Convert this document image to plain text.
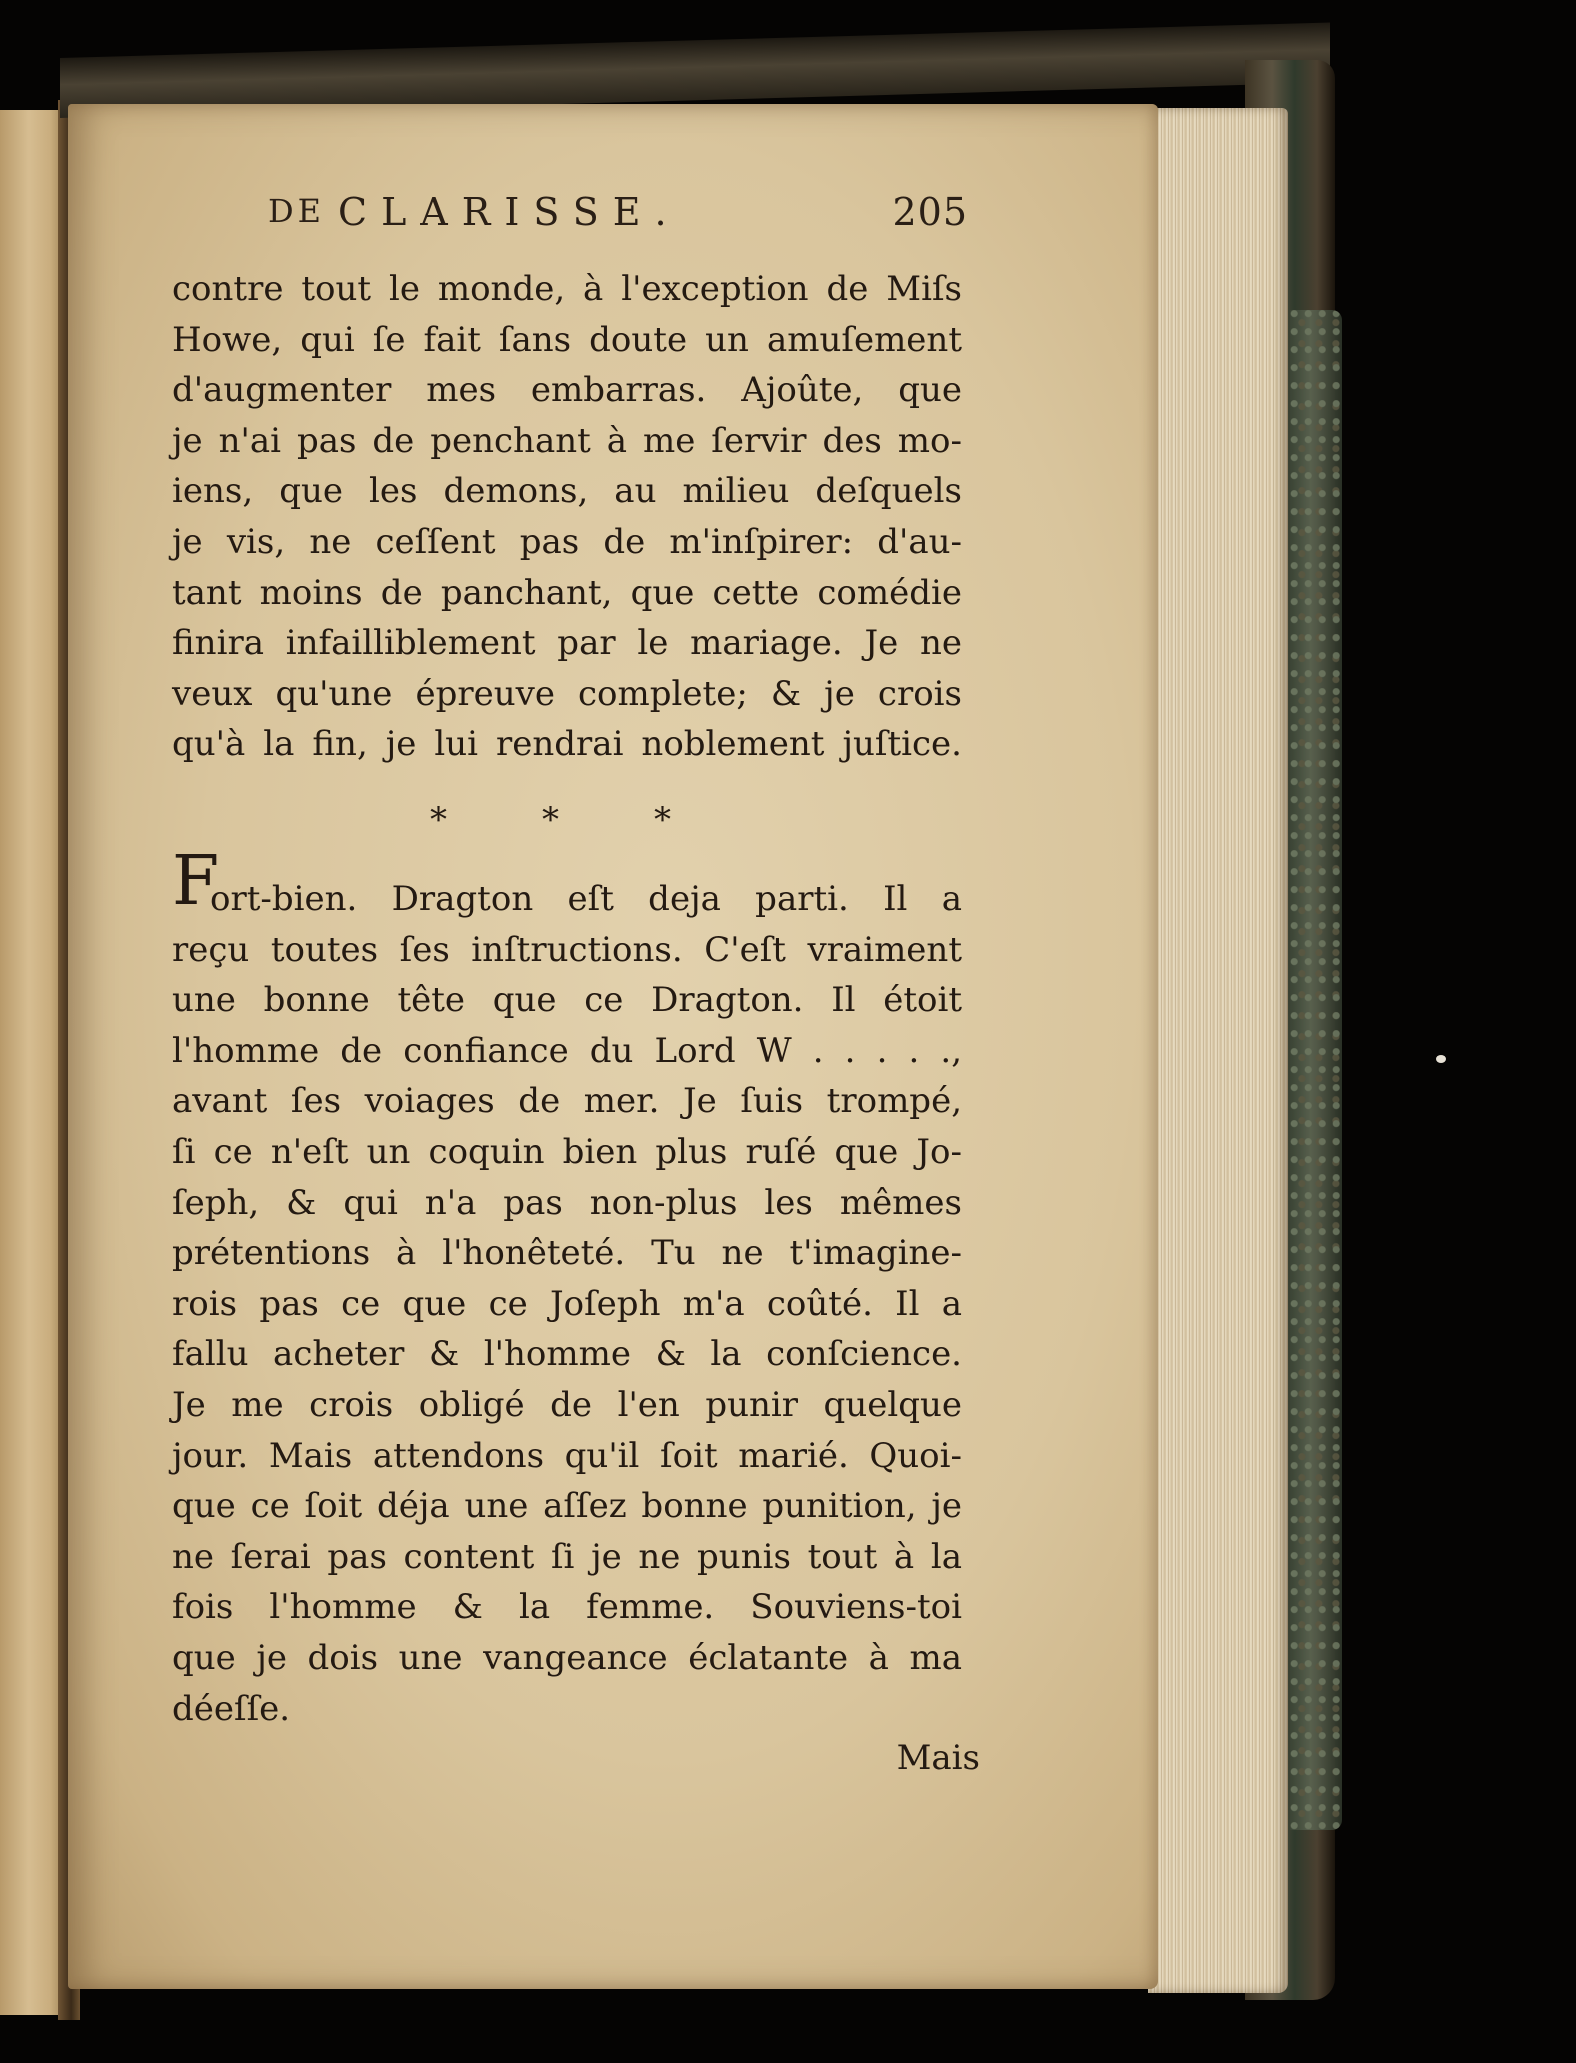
DE CLARISSE.	205
contre tout le monde, à l'exception de Miſs
Howe, qui ſe fait ſans doute un amuſement
d'augmenter mes embarras. Ajoûte, que
je n'ai pas de penchant à me ſervir des mo-
iens, que les demons, au milieu deſquels
je vis, ne ceſſent pas de m'inſpirer: d'au-
tant moins de panchant, que cette comédie
finira infailliblement par le mariage. Je ne
veux qu'une épreuve complete; & je crois
qu'à la fin, je lui rendrai noblement juſtice.
*	*	*
F
ort-bien. Dragton eſt deja parti. Il a
reçu toutes ſes inſtructions. C'eſt vraiment
une bonne tête que ce Dragton. Il étoit
l'homme de confiance du Lord W . . . . .,
avant ſes voiages de mer. Je ſuis trompé,
ſi ce n'eſt un coquin bien plus ruſé que Jo-
ſeph, & qui n'a pas non-plus les mêmes
prétentions à l'honêteté. Tu ne t'imagine-
rois pas ce que ce Joſeph m'a coûté. Il a
fallu acheter & l'homme & la conſcience.
Je me crois obligé de l'en punir quelque
jour. Mais attendons qu'il ſoit marié. Quoi-
que ce ſoit déja une aſſez bonne punition, je
ne ſerai pas content ſi je ne punis tout à la
fois l'homme & la femme. Souviens-toi
que je dois une vangeance éclatante à ma
déeſſe.
Mais
